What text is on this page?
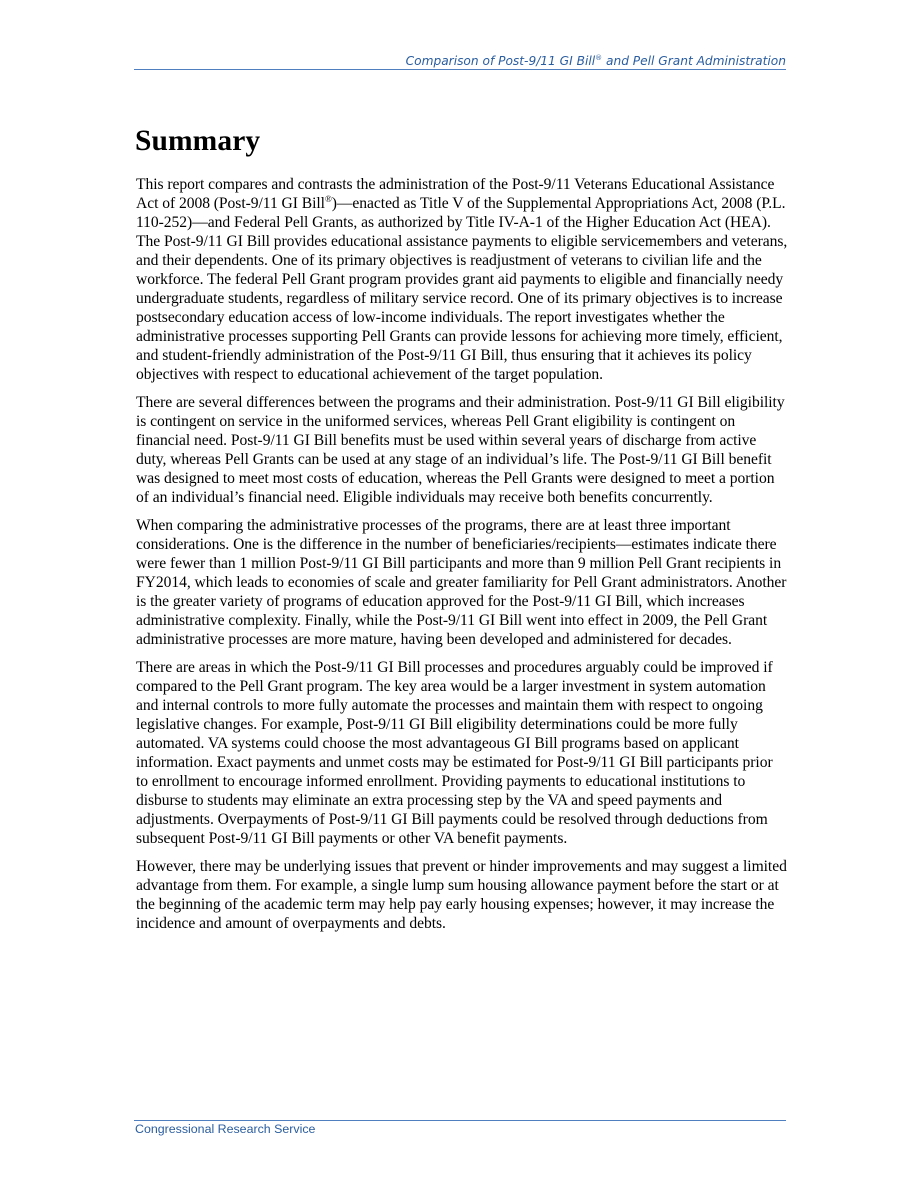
Comparison of Post-9/11 GI Bill® and Pell Grant Administration
Summary

This report compares and contrasts the administration of the Post-9/11 Veterans Educational Assistance Act of 2008 (Post-9/11 GI Bill®)—enacted as Title V of the Supplemental Appropriations Act, 2008 (P.L. 110-252)—and Federal Pell Grants, as authorized by Title IV-A-1 of the Higher Education Act (HEA). The Post-9/11 GI Bill provides educational assistance payments to eligible servicemembers and veterans, and their dependents. One of its primary objectives is readjustment of veterans to civilian life and the workforce. The federal Pell Grant program provides grant aid payments to eligible and financially needy undergraduate students, regardless of military service record. One of its primary objectives is to increase postsecondary education access of low-income individuals. The report investigates whether the administrative processes supporting Pell Grants can provide lessons for achieving more timely, efficient, and student-friendly administration of the Post-9/11 GI Bill, thus ensuring that it achieves its policy objectives with respect to educational achievement of the target population.

There are several differences between the programs and their administration. Post-9/11 GI Bill eligibility is contingent on service in the uniformed services, whereas Pell Grant eligibility is contingent on financial need. Post-9/11 GI Bill benefits must be used within several years of discharge from active duty, whereas Pell Grants can be used at any stage of an individual’s life. The Post-9/11 GI Bill benefit was designed to meet most costs of education, whereas the Pell Grants were designed to meet a portion of an individual’s financial need. Eligible individuals may receive both benefits concurrently.

When comparing the administrative processes of the programs, there are at least three important considerations. One is the difference in the number of beneficiaries/recipients—estimates indicate there were fewer than 1 million Post-9/11 GI Bill participants and more than 9 million Pell Grant recipients in FY2014, which leads to economies of scale and greater familiarity for Pell Grant administrators. Another is the greater variety of programs of education approved for the Post-9/11 GI Bill, which increases administrative complexity. Finally, while the Post-9/11 GI Bill went into effect in 2009, the Pell Grant administrative processes are more mature, having been developed and administered for decades.

There are areas in which the Post-9/11 GI Bill processes and procedures arguably could be improved if compared to the Pell Grant program. The key area would be a larger investment in system automation and internal controls to more fully automate the processes and maintain them with respect to ongoing legislative changes. For example, Post-9/11 GI Bill eligibility determinations could be more fully automated. VA systems could choose the most advantageous GI Bill programs based on applicant information. Exact payments and unmet costs may be estimated for Post-9/11 GI Bill participants prior to enrollment to encourage informed enrollment. Providing payments to educational institutions to disburse to students may eliminate an extra processing step by the VA and speed payments and adjustments. Overpayments of Post-9/11 GI Bill payments could be resolved through deductions from subsequent Post-9/11 GI Bill payments or other VA benefit payments.

However, there may be underlying issues that prevent or hinder improvements and may suggest a limited advantage from them. For example, a single lump sum housing allowance payment before the start or at the beginning of the academic term may help pay early housing expenses; however, it may increase the incidence and amount of overpayments and debts.

Congressional Research Service
